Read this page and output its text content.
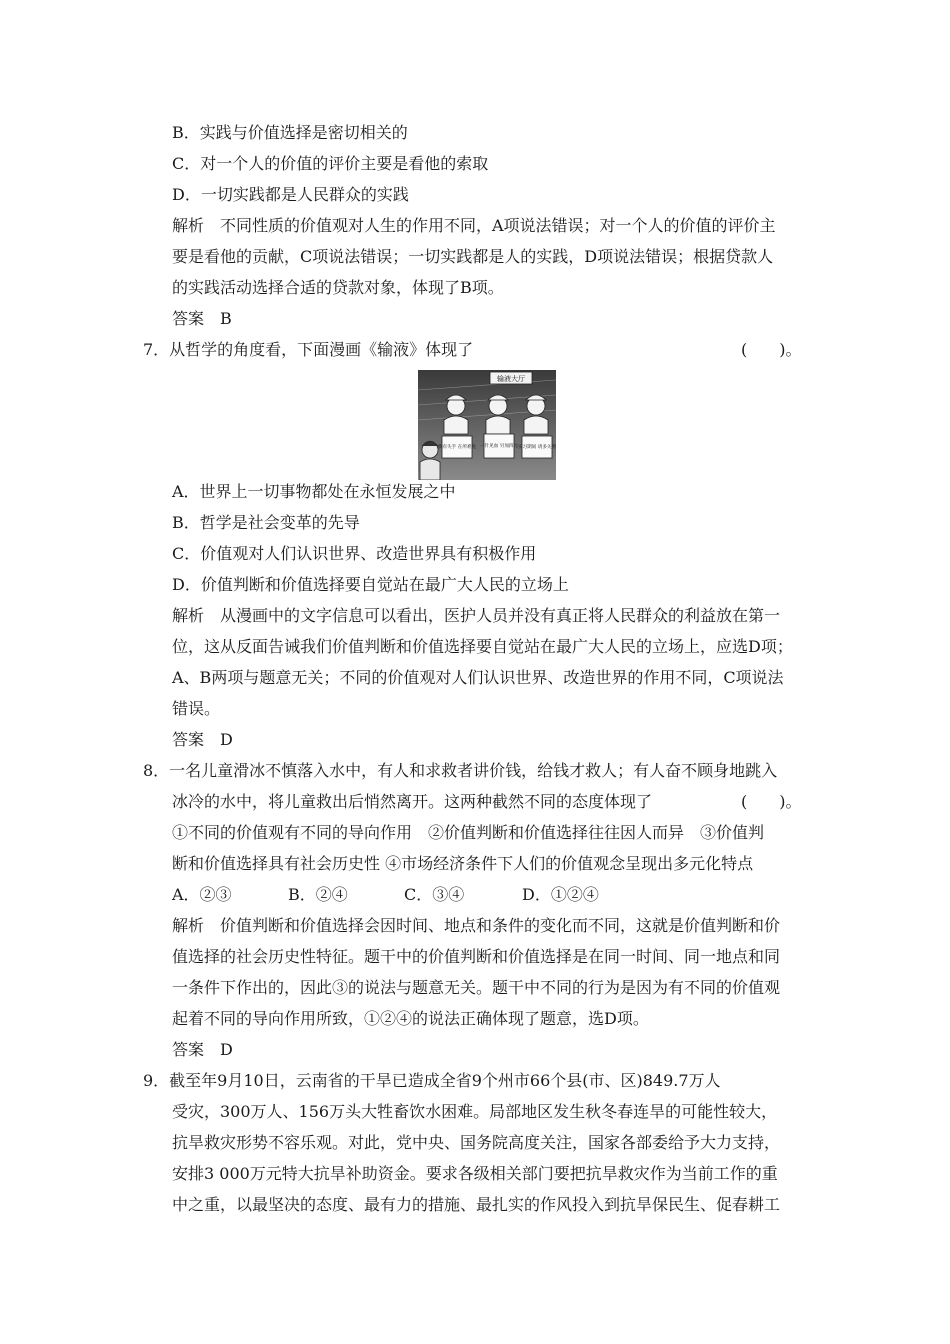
B．实践与价值选择是密切相关的
C．对一个人的价值的评价主要是看他的索取
D．一切实践都是人民群众的实践
解析　不同性质的价值观对人生的作用不同，A项说法错误；对一个人的价值的评价主
要是看他的贡献，C项说法错误；一切实践都是人的实践，D项说法错误；根据贷款人
的实践活动选择合适的贷款对象，体现了B项。
答案　B
7．从哲学的角度看，下面漫画《输液》体现了	(　　)。
输液大厅
偶有失手 在所难免 一针见血 另加四元 实习期间 请多关照
A．世界上一切事物都处在永恒发展之中
B．哲学是社会变革的先导
C．价值观对人们认识世界、改造世界具有积极作用
D．价值判断和价值选择要自觉站在最广大人民的立场上
解析　从漫画中的文字信息可以看出，医护人员并没有真正将人民群众的利益放在第一
位，这从反面告诫我们价值判断和价值选择要自觉站在最广大人民的立场上，应选D项；
A、B两项与题意无关；不同的价值观对人们认识世界、改造世界的作用不同，C项说法
错误。
答案　D
8．一名儿童滑冰不慎落入水中，有人和求救者讲价钱，给钱才救人；有人奋不顾身地跳入
冰冷的水中，将儿童救出后悄然离开。这两种截然不同的态度体现了	(　　)。
①不同的价值观有不同的导向作用　②价值判断和价值选择往往因人而异　③价值判
断和价值选择具有社会历史性 ④市场经济条件下人们的价值观念呈现出多元化特点
A．②③	B．②④	C．③④	D．①②④
解析　价值判断和价值选择会因时间、地点和条件的变化而不同，这就是价值判断和价
值选择的社会历史性特征。题干中的价值判断和价值选择是在同一时间、同一地点和同
一条件下作出的，因此③的说法与题意无关。题干中不同的行为是因为有不同的价值观
起着不同的导向作用所致，①②④的说法正确体现了题意，选D项。
答案　D
9．截至年9月10日，云南省的干旱已造成全省9个州市66个县(市、区)849.7万人
受灾，300万人、156万头大牲畜饮水困难。局部地区发生秋冬春连旱的可能性较大，
抗旱救灾形势不容乐观。对此，党中央、国务院高度关注，国家各部委给予大力支持，
安排3 000万元特大抗旱补助资金。要求各级相关部门要把抗旱救灾作为当前工作的重
中之重，以最坚决的态度、最有力的措施、最扎实的作风投入到抗旱保民生、促春耕工
